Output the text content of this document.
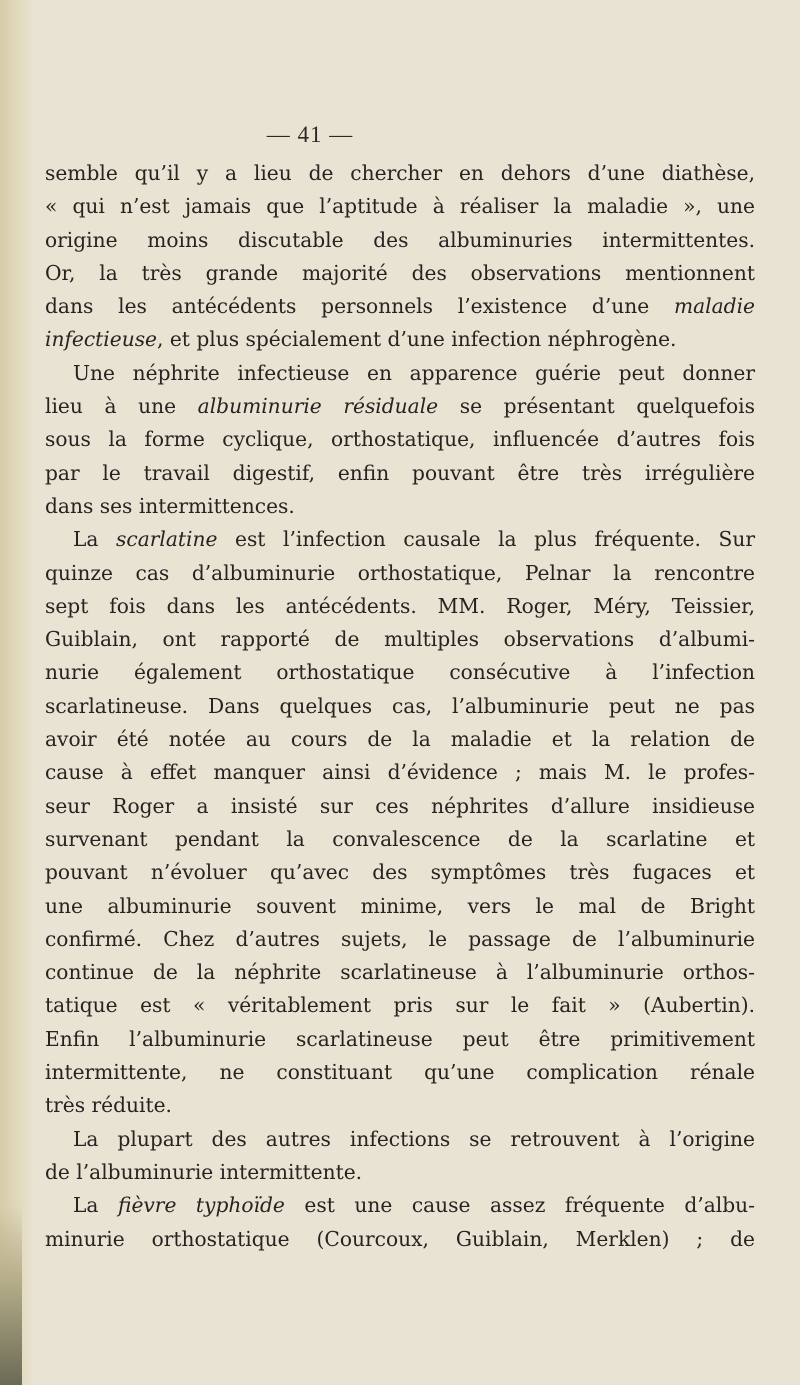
— 41 —

semble qu’il y a lieu de chercher en dehors d’une diathèse,
« qui n’est jamais que l’aptitude à réaliser la maladie », une
origine moins discutable des albuminuries intermittentes.
Or, la très grande majorité des observations mentionnent
dans les antécédents personnels l’existence d’une maladie
infectieuse, et plus spécialement d’une infection néphrogène.

Une néphrite infectieuse en apparence guérie peut donner
lieu à une albuminurie résiduale se présentant quelquefois
sous la forme cyclique, orthostatique, influencée d’autres fois
par le travail digestif, enfin pouvant être très irrégulière
dans ses intermittences.

La scarlatine est l’infection causale la plus fréquente. Sur
quinze cas d’albuminurie orthostatique, Pelnar la rencontre
sept fois dans les antécédents. MM. Roger, Méry, Teissier,
Guiblain, ont rapporté de multiples observations d’albumi-
nurie également orthostatique consécutive à l’infection
scarlatineuse. Dans quelques cas, l’albuminurie peut ne pas
avoir été notée au cours de la maladie et la relation de
cause à effet manquer ainsi d’évidence ; mais M. le profes-
seur Roger a insisté sur ces néphrites d’allure insidieuse
survenant pendant la convalescence de la scarlatine et
pouvant n’évoluer qu’avec des symptômes très fugaces et
une albuminurie souvent minime, vers le mal de Bright
confirmé. Chez d’autres sujets, le passage de l’albuminurie
continue de la néphrite scarlatineuse à l’albuminurie orthos-
tatique est « véritablement pris sur le fait » (Aubertin).
Enfin l’albuminurie scarlatineuse peut être primitivement
intermittente, ne constituant qu’une complication rénale
très réduite.

La plupart des autres infections se retrouvent à l’origine
de l’albuminurie intermittente.

La fièvre typhoïde est une cause assez fréquente d’albu-
minurie orthostatique (Courcoux, Guiblain, Merklen) ; de
